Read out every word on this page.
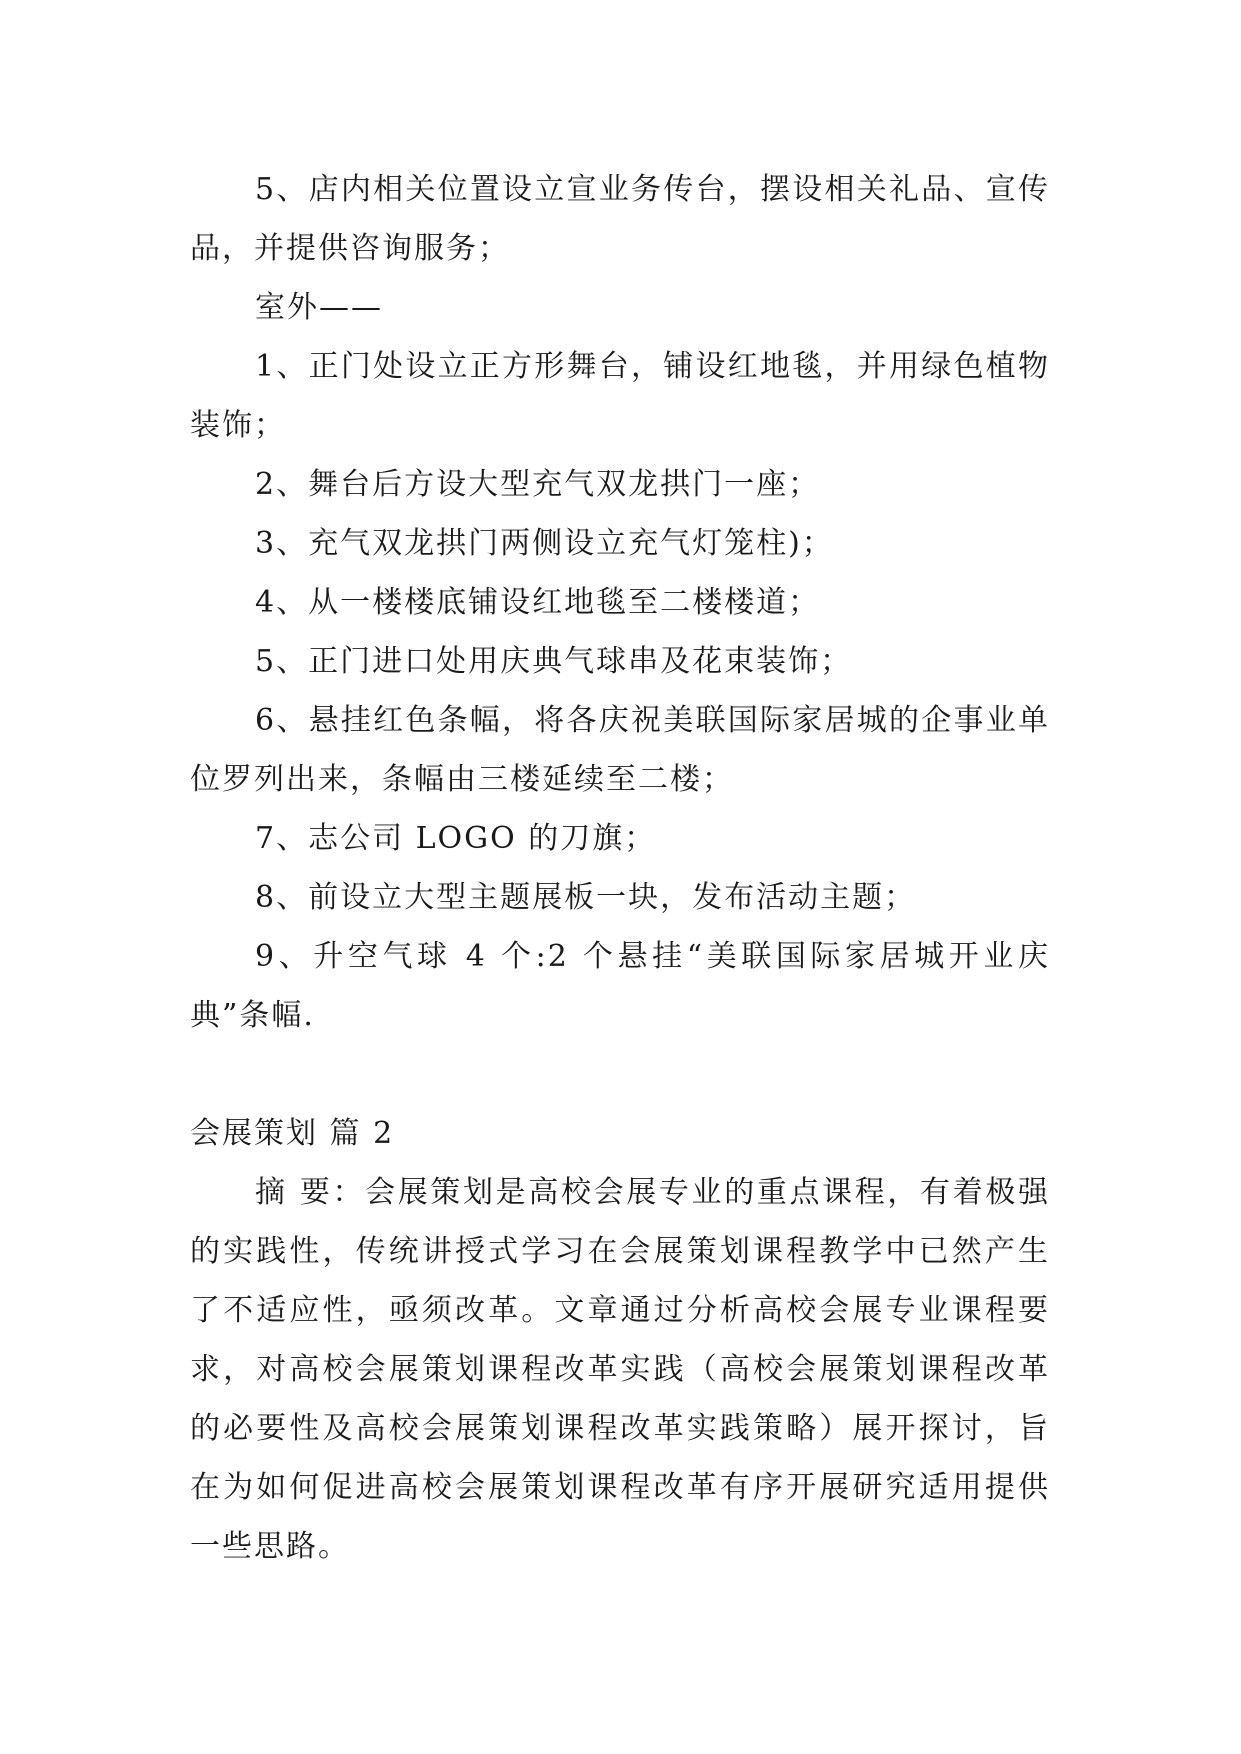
5、店内相关位置设立宣业务传台，摆设相关礼品、宣传品，并提供咨询服务；

室外——

1、正门处设立正方形舞台，铺设红地毯，并用绿色植物装饰；

2、舞台后方设大型充气双龙拱门一座；

3、充气双龙拱门两侧设立充气灯笼柱)；

4、从一楼楼底铺设红地毯至二楼楼道；

5、正门进口处用庆典气球串及花束装饰；

6、悬挂红色条幅，将各庆祝美联国际家居城的企事业单位罗列出来，条幅由三楼延续至二楼；

7、志公司 LOGO 的刀旗；

8、前设立大型主题展板一块，发布活动主题；

9、升空气球 4 个:2 个悬挂“美联国际家居城开业庆典”条幅.

会展策划 篇 2

摘 要：会展策划是高校会展专业的重点课程，有着极强的实践性，传统讲授式学习在会展策划课程教学中已然产生了不适应性，亟须改革。文章通过分析高校会展专业课程要求，对高校会展策划课程改革实践（高校会展策划课程改革的必要性及高校会展策划课程改革实践策略）展开探讨，旨在为如何促进高校会展策划课程改革有序开展研究适用提供一些思路。
